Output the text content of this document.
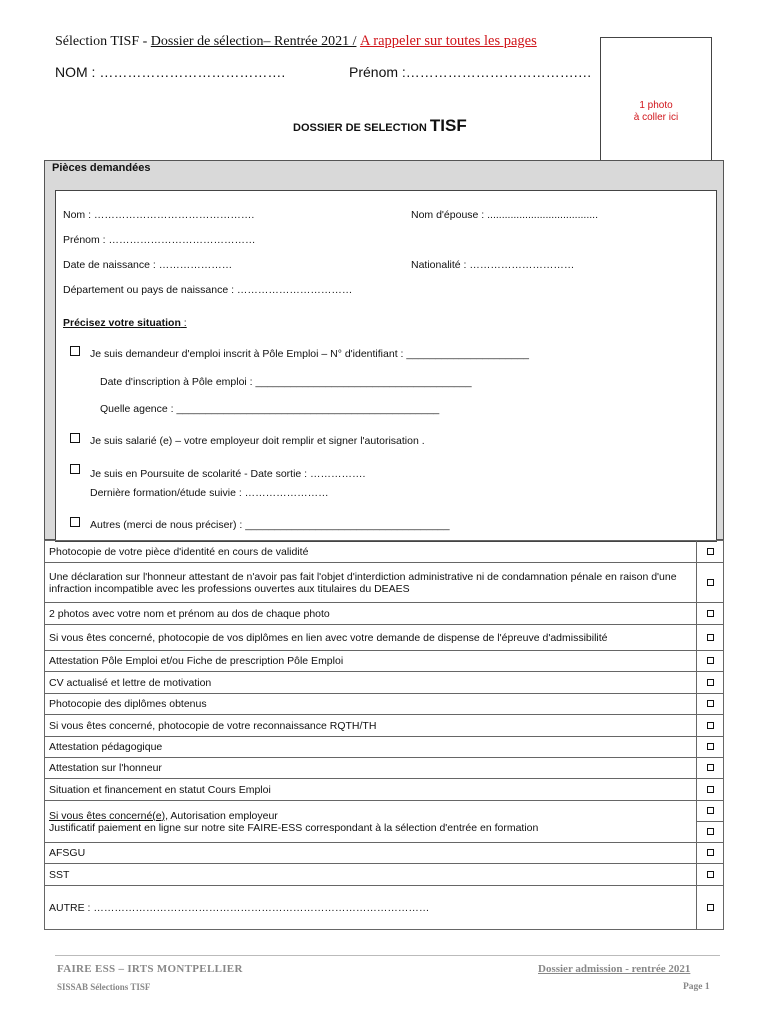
Sélection TISF - Dossier de sélection– Rentrée 2021 / A rappeler sur toutes les pages
NOM : ………………………………….	Prénom :……………………………….…
1 photo
à coller ici
DOSSIER DE SELECTION TISF
Pièces demandées
Nom : ……………………………………….	Nom d'épouse : ......................................
Prénom : ……………………………………
Date de naissance : …………………	Nationalité : …………………………
Département ou pays de naissance : ……………………………
Précisez votre situation :
Je suis demandeur d'emploi inscrit à Pôle Emploi – N° d'identifiant : _____________________
Date d'inscription à Pôle emploi : _____________________________________
Quelle agence : _____________________________________________
Je suis salarié (e) – votre employeur doit remplir et signer l'autorisation .
Je suis en Poursuite de scolarité - Date sortie : …………….
Dernière formation/étude suivie : ……………………
Autres (merci de nous préciser) : ___________________________________
Photocopie de votre pièce d'identité en cours de validité	
Une déclaration sur l'honneur attestant de n'avoir pas fait l'objet d'interdiction administrative ni de condamnation pénale en raison d'une infraction incompatible avec les professions ouvertes aux titulaires du DEAES	
2 photos avec votre nom et prénom au dos de chaque photo	
Si vous êtes concerné, photocopie de vos diplômes en lien avec votre demande de dispense de l'épreuve d'admissibilité	
Attestation Pôle Emploi et/ou Fiche de prescription Pôle Emploi	
CV actualisé et lettre de motivation	
Photocopie des diplômes obtenus	
Si vous êtes concerné, photocopie de votre reconnaissance RQTH/TH	
Attestation pédagogique	
Attestation sur l'honneur	
Situation et financement en statut Cours Emploi	
Si vous êtes concerné(e), Autorisation employeur
Justificatif paiement en ligne sur notre site FAIRE-ESS correspondant à la sélection d'entrée en formation	

AFSGU	
SST	
AUTRE : ……………………………………………………………………………………	
FAIRE ESS – IRTS MONTPELLIER
SISSAB Sélections TISF
Dossier admission - rentrée 2021
Page 1
